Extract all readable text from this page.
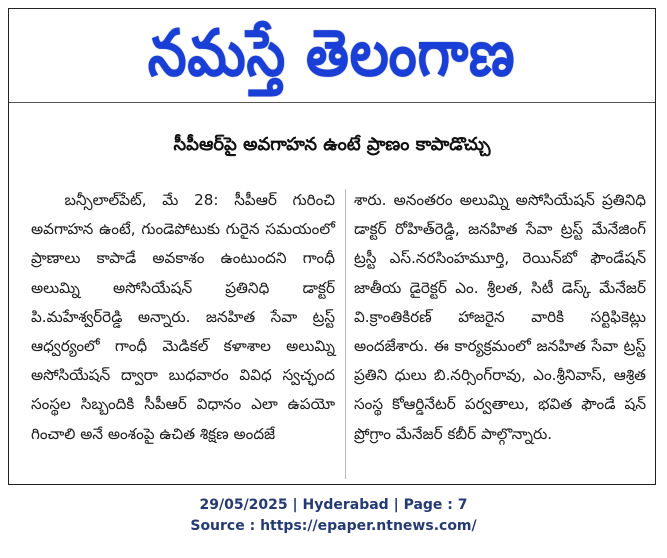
నమస్తే తెలంగాణ
సీపీఆర్‌పై అవగాహన ఉంటే ప్రాణం కాపాడొచ్చు
బన్సీలాల్‌పేట్, మే 28: సీపీఆర్ గురించి అవగాహన ఉంటే, గుండెపోటుకు గురైన సమయంలో ప్రాణాలు కాపాడే అవకాశం ఉంటుందని గాంధీ అలుమ్ని అసోసియేషన్ ప్రతినిధి డాక్టర్ పి.మహేశ్వర్‌రెడ్డి అన్నారు. జనహిత సేవా ట్రస్ట్ ఆధ్వర్యంలో గాంధీ మెడికల్ కళాశాల అలుమ్ని అసోసియేషన్ ద్వారా బుధవారం వివిధ స్వచ్ఛంద సంస్థల సిబ్బందికి సీపీఆర్ విధానం ఎలా ఉపయో గించాలి అనే అంశంపై ఉచిత శిక్షణ అందజే
శారు. అనంతరం అలుమ్ని అసోసియేషన్ ప్రతినిధి డాక్టర్ రోహిత్‌రెడ్డి, జనహిత సేవా ట్రస్ట్ మేనేజింగ్ ట్రస్టీ ఎస్.నరసింహమూర్తి, రెయిన్‌బో ఫౌండేషన్ జాతీయ డైరెక్టర్ ఎం. శ్రీలత, సిటీ డెస్క్ మేనేజర్ వి.క్రాంతికిరణ్ హాజరైన వారికి సర్టిఫికెట్లు అందజేశారు. ఈ కార్యక్రమంలో జనహిత సేవా ట్రస్ట్ ప్రతిని ధులు బి.నర్సింగ్‌రావు, ఎం.శ్రీనివాస్, ఆశ్రిత సంస్థ కోఆర్డినేటర్ పర్వతాలు, భవిత ఫౌండే షన్ ప్రోగ్రాం మేనేజర్ కబీర్ పాల్గొన్నారు.
29/05/2025 | Hyderabad | Page : 7
Source : https://epaper.ntnews.com/
